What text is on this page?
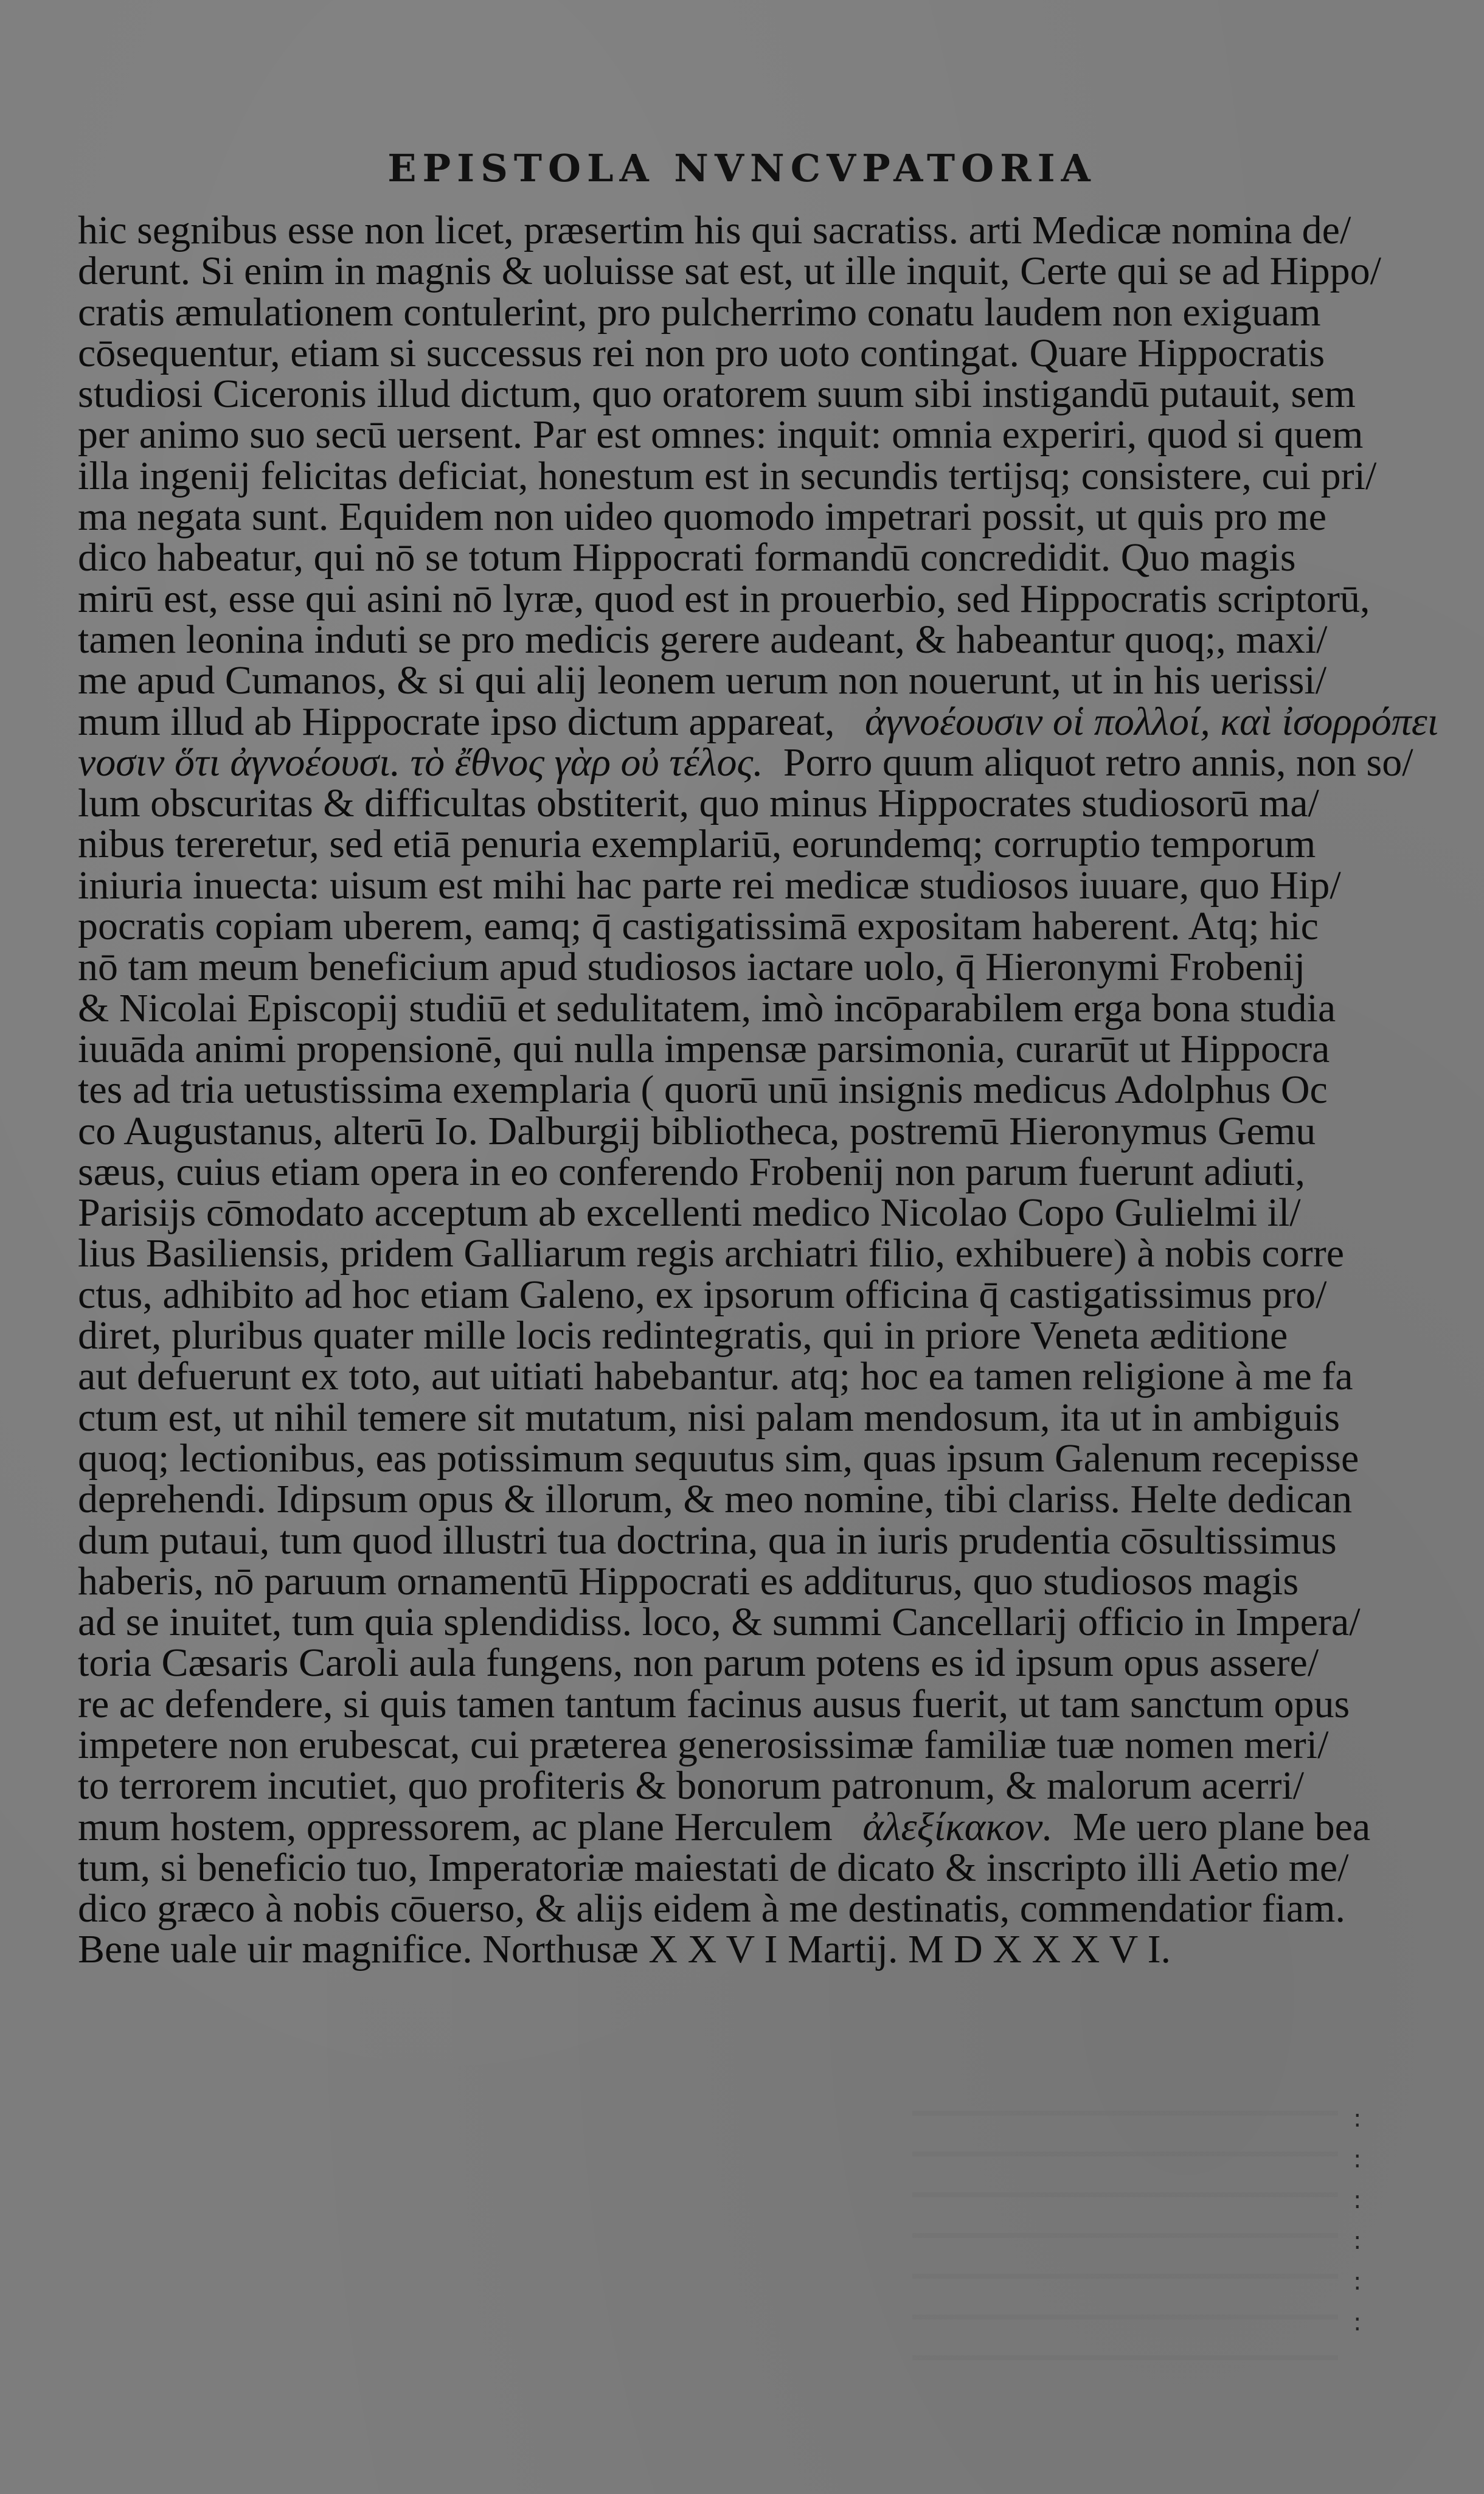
EPISTOLA NVNCVPATORIA
hic segnibus esse non licet, præsertim his qui sacratiss. arti Medicæ nomina de/
derunt. Si enim in magnis & uoluisse sat est, ut ille inquit, Certe qui se ad Hippo/
cratis æmulationem contulerint, pro pulcherrimo conatu laudem non exiguam
cōsequentur, etiam si successus rei non pro uoto contingat. Quare Hippocratis
studiosi Ciceronis illud dictum, quo oratorem suum sibi instigandū putauit, sem
per animo suo secū uersent. Par est omnes: inquit: omnia experiri, quod si quem
illa ingenij felicitas deficiat, honestum est in secundis tertijsq; consistere, cui pri/
ma negata sunt. Equidem non uideo quomodo impetrari possit, ut quis pro me
dico habeatur, qui nō se totum Hippocrati formandū concredidit. Quo magis
mirū est, esse qui asini nō lyræ, quod est in prouerbio, sed Hippocratis scriptorū,
tamen leonina induti se pro medicis gerere audeant, & habeantur quoq;, maxi/
me apud Cumanos, & si qui alij leonem uerum non nouerunt, ut in his uerissi/
mum illud ab Hippocrate ipso dictum appareat, ἀγνοέουσιν οἱ πολλοί, καὶ ἰσορρόπει
νοσιν ὅτι ἀγνοέουσι. τὸ ἔθνος γὰρ οὐ τέλος. Porro quum aliquot retro annis, non so/
lum obscuritas & difficultas obstiterit, quo minus Hippocrates studiosorū ma/
nibus tereretur, sed etiā penuria exemplariū, eorundemq; corruptio temporum
iniuria inuecta: uisum est mihi hac parte rei medicæ studiosos iuuare, quo Hip/
pocratis copiam uberem, eamq; q̄ castigatissimā expositam haberent. Atq; hic
nō tam meum beneficium apud studiosos iactare uolo, q̄ Hieronymi Frobenij
& Nicolai Episcopij studiū et sedulitatem, imò incōparabilem erga bona studia
iuuāda animi propensionē, qui nulla impensæ parsimonia, curarūt ut Hippocra
tes ad tria uetustissima exemplaria ( quorū unū insignis medicus Adolphus Oc
co Augustanus, alterū Io. Dalburgij bibliotheca, postremū Hieronymus Gemu
sæus, cuius etiam opera in eo conferendo Frobenij non parum fuerunt adiuti,
Parisijs cōmodato acceptum ab excellenti medico Nicolao Copo Gulielmi il/
lius Basiliensis, pridem Galliarum regis archiatri filio, exhibuere) à nobis corre
ctus, adhibito ad hoc etiam Galeno, ex ipsorum officina q̄ castigatissimus pro/
diret, pluribus quater mille locis redintegratis, qui in priore Veneta æditione
aut defuerunt ex toto, aut uitiati habebantur. atq; hoc ea tamen religione à me fa
ctum est, ut nihil temere sit mutatum, nisi palam mendosum, ita ut in ambiguis
quoq; lectionibus, eas potissimum sequutus sim, quas ipsum Galenum recepisse
deprehendi. Idipsum opus & illorum, & meo nomine, tibi clariss. Helte dedican
dum putaui, tum quod illustri tua doctrina, qua in iuris prudentia cōsultissimus
haberis, nō paruum ornamentū Hippocrati es additurus, quo studiosos magis
ad se inuitet, tum quia splendidiss. loco, & summi Cancellarij officio in Impera/
toria Cæsaris Caroli aula fungens, non parum potens es id ipsum opus assere/
re ac defendere, si quis tamen tantum facinus ausus fuerit, ut tam sanctum opus
impetere non erubescat, cui præterea generosissimæ familiæ tuæ nomen meri/
to terrorem incutiet, quo profiteris & bonorum patronum, & malorum acerri/
mum hostem, oppressorem, ac plane Herculem ἀλεξίκακον. Me uero plane bea
tum, si beneficio tuo, Imperatoriæ maiestati de dicato & inscripto illi Aetio me/
dico græco à nobis cōuerso, & alijs eidem à me destinatis, commendatior fiam.
Bene uale uir magnifice. Northusæ X X V I Martij. M D X X X V I.
:
:
:
:
:
:
